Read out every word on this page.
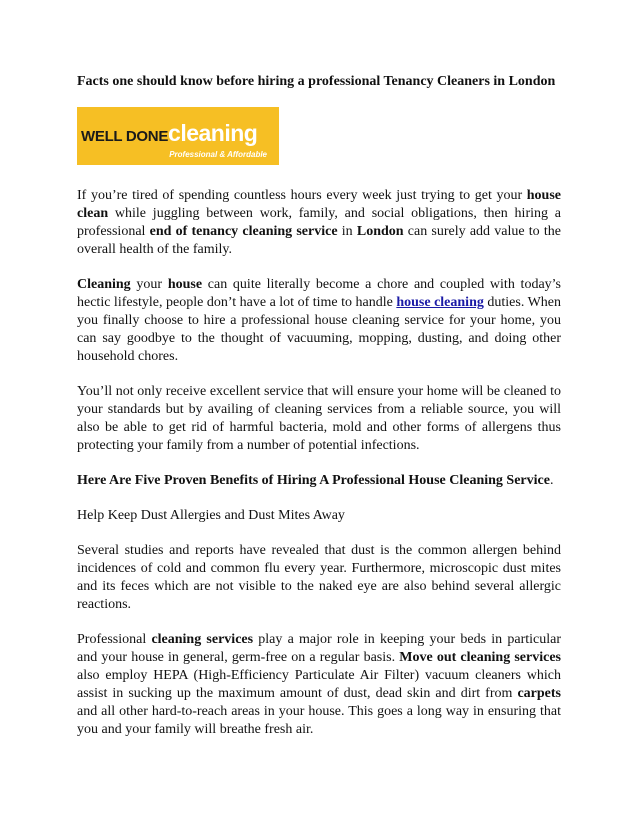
Facts one should know before hiring a professional Tenancy Cleaners in London
WELL DONEcleaning
Professional & Affordable

If you’re tired of spending countless hours every week just trying to get your house clean while juggling between work, family, and social obligations, then hiring a professional end of tenancy cleaning service in London can surely add value to the overall health of the family.

Cleaning your house can quite literally become a chore and coupled with today’s hectic lifestyle, people don’t have a lot of time to handle house cleaning duties. When you finally choose to hire a professional house cleaning service for your home, you can say goodbye to the thought of vacuuming, mopping, dusting, and doing other household chores.

You’ll not only receive excellent service that will ensure your home will be cleaned to your standards but by availing of cleaning services from a reliable source, you will also be able to get rid of harmful bacteria, mold and other forms of allergens thus protecting your family from a number of potential infections.

Here Are Five Proven Benefits of Hiring A Professional House Cleaning Service.

Help Keep Dust Allergies and Dust Mites Away

Several studies and reports have revealed that dust is the common allergen behind incidences of cold and common flu every year. Furthermore, microscopic dust mites and its feces which are not visible to the naked eye are also behind several allergic reactions.

Professional cleaning services play a major role in keeping your beds in particular and your house in general, germ-free on a regular basis. Move out cleaning services also employ HEPA (High-Efficiency Particulate Air Filter) vacuum cleaners which assist in sucking up the maximum amount of dust, dead skin and dirt from carpets and all other hard-to-reach areas in your house. This goes a long way in ensuring that you and your family will breathe fresh air.
